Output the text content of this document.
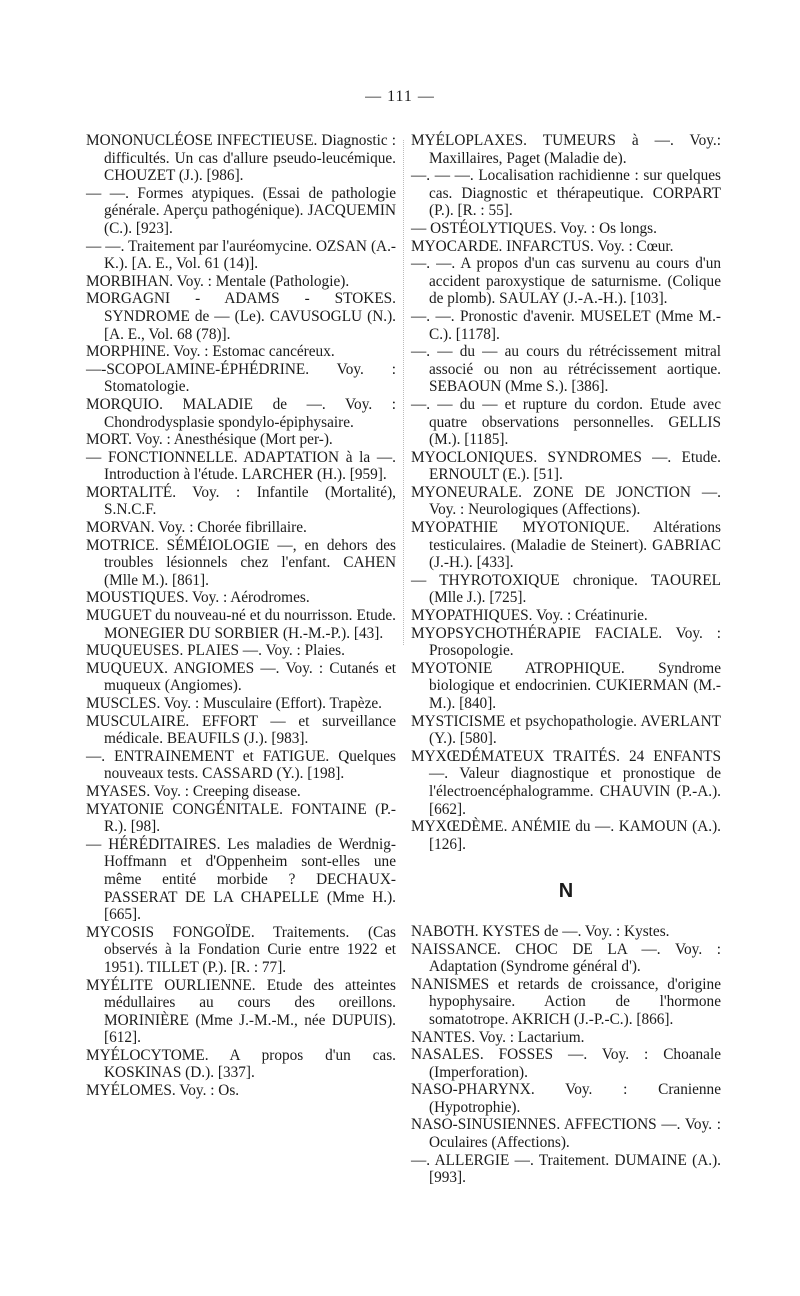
— 111 —

MONONUCLÉOSE INFECTIEUSE. Diagnostic : difficultés. Un cas d'allure pseudo-leucémique. CHOUZET (J.). [986].

— —. Formes atypiques. (Essai de pathologie générale. Aperçu pathogénique). JACQUEMIN (C.). [923].

— —. Traitement par l'auréomycine. OZSAN (A.-K.). [A. E., Vol. 61 (14)].

MORBIHAN. Voy. : Mentale (Pathologie).

MORGAGNI - ADAMS - STOKES. SYNDROME de — (Le). CAVUSOGLU (N.). [A. E., Vol. 68 (78)].

MORPHINE. Voy. : Estomac cancéreux.

—-SCOPOLAMINE-ÉPHÉDRINE. Voy. : Stomatologie.

MORQUIO. MALADIE de —. Voy. : Chondrodysplasie spondylo-épiphysaire.

MORT. Voy. : Anesthésique (Mort per-).

— FONCTIONNELLE. ADAPTATION à la —. Introduction à l'étude. LARCHER (H.). [959].

MORTALITÉ. Voy. : Infantile (Mortalité), S.N.C.F.

MORVAN. Voy. : Chorée fibrillaire.

MOTRICE. SÉMÉIOLOGIE —, en dehors des troubles lésionnels chez l'enfant. CAHEN (Mlle M.). [861].

MOUSTIQUES. Voy. : Aérodromes.

MUGUET du nouveau-né et du nourrisson. Etude. MONEGIER DU SORBIER (H.-M.-P.). [43].

MUQUEUSES. PLAIES —. Voy. : Plaies.

MUQUEUX. ANGIOMES —. Voy. : Cutanés et muqueux (Angiomes).

MUSCLES. Voy. : Musculaire (Effort). Trapèze.

MUSCULAIRE. EFFORT — et surveillance médicale. BEAUFILS (J.). [983].

—. ENTRAINEMENT et FATIGUE. Quelques nouveaux tests. CASSARD (Y.). [198].

MYASES. Voy. : Creeping disease.

MYATONIE CONGÉNITALE. FONTAINE (P.-R.). [98].

— HÉRÉDITAIRES. Les maladies de Werdnig-Hoffmann et d'Oppenheim sont-elles une même entité morbide ? DECHAUX-PASSERAT DE LA CHAPELLE (Mme H.). [665].

MYCOSIS FONGOÏDE. Traitements. (Cas observés à la Fondation Curie entre 1922 et 1951). TILLET (P.). [R. : 77].

MYÉLITE OURLIENNE. Etude des atteintes médullaires au cours des oreillons. MORINIÈRE (Mme J.-M.-M., née DUPUIS). [612].

MYÉLOCYTOME. A propos d'un cas. KOSKINAS (D.). [337].

MYÉLOMES. Voy. : Os.

MYÉLOPLAXES. TUMEURS à —. Voy.: Maxillaires, Paget (Maladie de).

—. — —. Localisation rachidienne : sur quelques cas. Diagnostic et thérapeutique. CORPART (P.). [R. : 55].

— OSTÉOLYTIQUES. Voy. : Os longs.

MYOCARDE. INFARCTUS. Voy. : Cœur.

—. —. A propos d'un cas survenu au cours d'un accident paroxystique de saturnisme. (Colique de plomb). SAULAY (J.-A.-H.). [103].

—. —. Pronostic d'avenir. MUSELET (Mme M.-C.). [1178].

—. — du — au cours du rétrécissement mitral associé ou non au rétrécissement aortique. SEBAOUN (Mme S.). [386].

—. — du — et rupture du cordon. Etude avec quatre observations personnelles. GELLIS (M.). [1185].

MYOCLONIQUES. SYNDROMES —. Etude. ERNOULT (E.). [51].

MYONEURALE. ZONE DE JONCTION —. Voy. : Neurologiques (Affections).

MYOPATHIE MYOTONIQUE. Altérations testiculaires. (Maladie de Steinert). GABRIAC (J.-H.). [433].

— THYROTOXIQUE chronique. TAOUREL (Mlle J.). [725].

MYOPATHIQUES. Voy. : Créatinurie.

MYOPSYCHOTHÉRAPIE FACIALE. Voy. : Prosopologie.

MYOTONIE ATROPHIQUE. Syndrome biologique et endocrinien. CUKIERMAN (M.-M.). [840].

MYSTICISME et psychopathologie. AVERLANT (Y.). [580].

MYXŒDÉMATEUX TRAITÉS. 24 ENFANTS —. Valeur diagnostique et pronostique de l'électroencéphalogramme. CHAUVIN (P.-A.). [662].

MYXŒDÈME. ANÉMIE du —. KAMOUN (A.). [126].

N

NABOTH. KYSTES de —. Voy. : Kystes.

NAISSANCE. CHOC DE LA —. Voy. : Adaptation (Syndrome général d').

NANISMES et retards de croissance, d'origine hypophysaire. Action de l'hormone somatotrope. AKRICH (J.-P.-C.). [866].

NANTES. Voy. : Lactarium.

NASALES. FOSSES —. Voy. : Choanale (Imperforation).

NASO-PHARYNX. Voy. : Cranienne (Hypotrophie).

NASO-SINUSIENNES. AFFECTIONS —. Voy. : Oculaires (Affections).

—. ALLERGIE —. Traitement. DUMAINE (A.). [993].
